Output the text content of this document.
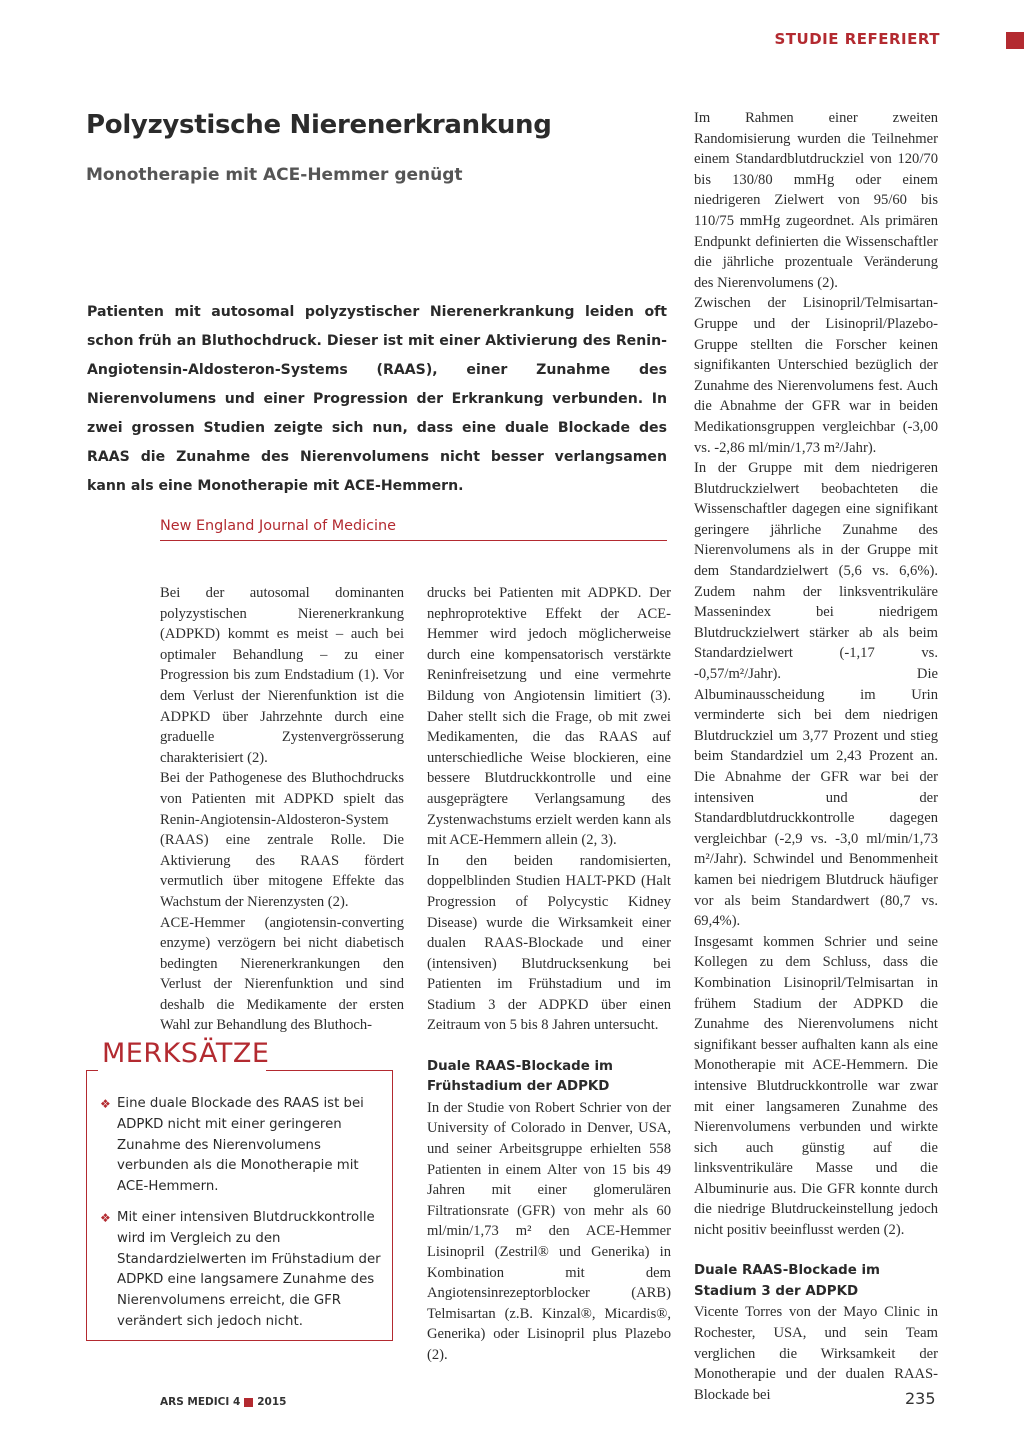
STUDIE REFERIERT
Polyzystische Nierenerkrankung
Monotherapie mit ACE-Hemmer genügt

Patienten mit autosomal polyzystischer Nierenerkrankung leiden oft schon früh an Bluthochdruck. Dieser ist mit einer Aktivierung des Renin-Angiotensin-Aldosteron-Systems (RAAS), einer Zunahme des Nierenvolumens und einer Progression der Erkrankung verbunden. In zwei grossen Studien zeigte sich nun, dass eine duale Blockade des RAAS die Zunahme des Nierenvolumens nicht besser verlangsamen kann als eine Monotherapie mit ACE-Hemmern.

New England Journal of Medicine

Bei der autosomal dominanten polyzystischen Nierenerkrankung (ADPKD) kommt es meist – auch bei optimaler Behandlung – zu einer Progression bis zum Endstadium (1). Vor dem Verlust der Nierenfunktion ist die ADPKD über Jahrzehnte durch eine graduelle Zystenvergrösserung charakterisiert (2).

Bei der Pathogenese des Bluthochdrucks von Patienten mit ADPKD spielt das Renin-Angiotensin-Aldosteron-System (RAAS) eine zentrale Rolle. Die Aktivierung des RAAS fördert vermutlich über mitogene Effekte das Wachstum der Nierenzysten (2).

ACE-Hemmer (angiotensin-converting enzyme) verzögern bei nicht diabetisch bedingten Nierenerkrankungen den Verlust der Nierenfunktion und sind deshalb die Medikamente der ersten Wahl zur Behandlung des Bluthoch-

drucks bei Patienten mit ADPKD. Der nephroprotektive Effekt der ACE-Hemmer wird jedoch möglicherweise durch eine kompensatorisch verstärkte Reninfreisetzung und eine vermehrte Bildung von Angiotensin limitiert (3). Daher stellt sich die Frage, ob mit zwei Medikamenten, die das RAAS auf unterschiedliche Weise blockieren, eine bessere Blutdruckkontrolle und eine ausgeprägtere Verlangsamung des Zystenwachstums erzielt werden kann als mit ACE-Hemmern allein (2, 3).

In den beiden randomisierten, doppelblinden Studien HALT-PKD (Halt Progression of Polycystic Kidney Disease) wurde die Wirksamkeit einer dualen RAAS-Blockade und einer (intensiven) Blutdrucksenkung bei Patienten im Frühstadium und im Stadium 3 der ADPKD über einen Zeitraum von 5 bis 8 Jahren untersucht.

Duale RAAS-Blockade im Frühstadium der ADPKD

In der Studie von Robert Schrier von der University of Colorado in Denver, USA, und seiner Arbeitsgruppe erhielten 558 Patienten in einem Alter von 15 bis 49 Jahren mit einer glomerulären Filtrationsrate (GFR) von mehr als 60 ml/min/1,73 m² den ACE-Hemmer Lisinopril (Zestril® und Generika) in Kombination mit dem Angiotensinrezeptorblocker (ARB) Telmisartan (z.B. Kinzal®, Micardis®, Generika) oder Lisinopril plus Plazebo (2).

Im Rahmen einer zweiten Randomisierung wurden die Teilnehmer einem Standardblutdruckziel von 120/70 bis 130/80 mmHg oder einem niedrigeren Zielwert von 95/60 bis 110/75 mmHg zugeordnet. Als primären Endpunkt definierten die Wissenschaftler die jährliche prozentuale Veränderung des Nierenvolumens (2).

Zwischen der Lisinopril/Telmisartan-Gruppe und der Lisinopril/Plazebo-Gruppe stellten die Forscher keinen signifikanten Unterschied bezüglich der Zunahme des Nierenvolumens fest. Auch die Abnahme der GFR war in beiden Medikationsgruppen vergleichbar (-3,00 vs. -2,86 ml/min/1,73 m²/Jahr).

In der Gruppe mit dem niedrigeren Blutdruckzielwert beobachteten die Wissenschaftler dagegen eine signifikant geringere jährliche Zunahme des Nierenvolumens als in der Gruppe mit dem Standardzielwert (5,6 vs. 6,6%). Zudem nahm der linksventrikuläre Massenindex bei niedrigem Blutdruckzielwert stärker ab als beim Standardzielwert (-1,17 vs. -0,57/m²/Jahr). Die Albuminausscheidung im Urin verminderte sich bei dem niedrigen Blutdruckziel um 3,77 Prozent und stieg beim Standardziel um 2,43 Prozent an. Die Abnahme der GFR war bei der intensiven und der Standardblutdruckkontrolle dagegen vergleichbar (-2,9 vs. -3,0 ml/min/1,73 m²/Jahr). Schwindel und Benommenheit kamen bei niedrigem Blutdruck häufiger vor als beim Standardwert (80,7 vs. 69,4%).

Insgesamt kommen Schrier und seine Kollegen zu dem Schluss, dass die Kombination Lisinopril/Telmisartan in frühem Stadium der ADPKD die Zunahme des Nierenvolumens nicht signifikant besser aufhalten kann als eine Monotherapie mit ACE-Hemmern. Die intensive Blutdruckkontrolle war zwar mit einer langsameren Zunahme des Nierenvolumens verbunden und wirkte sich auch günstig auf die linksventrikuläre Masse und die Albuminurie aus. Die GFR konnte durch die niedrige Blutdruckeinstellung jedoch nicht positiv beeinflusst werden (2).

Duale RAAS-Blockade im Stadium 3 der ADPKD

Vicente Torres von der Mayo Clinic in Rochester, USA, und sein Team verglichen die Wirksamkeit der Monotherapie und der dualen RAAS-Blockade bei

MERKSÄTZE
❖ Eine duale Blockade des RAAS ist bei ADPKD nicht mit einer geringeren Zunahme des Nierenvolumens verbunden als die Monotherapie mit ACE-Hemmern.
❖ Mit einer intensiven Blutdruckkontrolle wird im Vergleich zu den Standardzielwerten im Frühstadium der ADPKD eine langsamere Zunahme des Nierenvolumens erreicht, die GFR verändert sich jedoch nicht.
ARS MEDICI 4 2015	235
